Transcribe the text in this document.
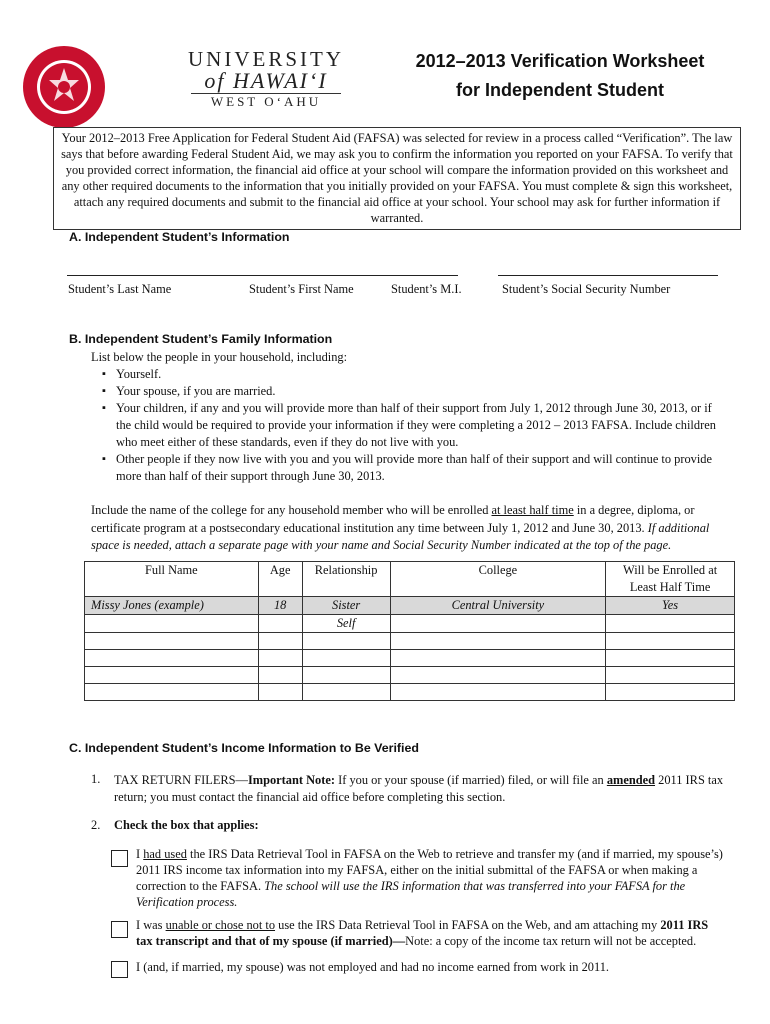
UNIVERSITY
of HAWAI‘I
WEST O‘AHU
2012–2013 Verification Worksheet
for Independent Student
Your 2012–2013 Free Application for Federal Student Aid (FAFSA) was selected for review in a process called “Verification”. The law says that before awarding Federal Student Aid, we may ask you to confirm the information you reported on your FAFSA. To verify that you provided correct information, the financial aid office at your school will compare the information provided on this worksheet and any other required documents to the information that you initially provided on your FAFSA. You must complete & sign this worksheet, attach any required documents and submit to the financial aid office at your school. Your school may ask for further information if warranted.
A. Independent Student’s Information
Student’s Last Name	Student’s First Name	Student’s M.I.	Student’s Social Security Number
B. Independent Student’s Family Information
List below the people in your household, including:
▪ Yourself.
▪ Your spouse, if you are married.
▪ Your children, if any and you will provide more than half of their support from July 1, 2012 through June 30, 2013, or if the child would be required to provide your information if they were completing a 2012 – 2013 FAFSA. Include children who meet either of these standards, even if they do not live with you.
▪ Other people if they now live with you and you will provide more than half of their support and will continue to provide more than half of their support through June 30, 2013.
Include the name of the college for any household member who will be enrolled at least half time in a degree, diploma, or certificate program at a postsecondary educational institution any time between July 1, 2012 and June 30, 2013. If additional space is needed, attach a separate page with your name and Social Security Number indicated at the top of the page.
Full Name	Age	Relationship	College	Will be Enrolled at Least Half Time
Missy Jones (example)	18	Sister	Central University	Yes
		Self		

C. Independent Student’s Income Information to Be Verified
1. TAX RETURN FILERS—Important Note: If you or your spouse (if married) filed, or will file an amended 2011 IRS tax return; you must contact the financial aid office before completing this section.
2. Check the box that applies:
I had used the IRS Data Retrieval Tool in FAFSA on the Web to retrieve and transfer my (and if married, my spouse’s) 2011 IRS income tax information into my FAFSA, either on the initial submittal of the FAFSA or when making a correction to the FAFSA. The school will use the IRS information that was transferred into your FAFSA for the Verification process.
I was unable or chose not to use the IRS Data Retrieval Tool in FAFSA on the Web, and am attaching my 2011 IRS tax transcript and that of my spouse (if married)—Note: a copy of the income tax return will not be accepted.
I (and, if married, my spouse) was not employed and had no income earned from work in 2011.
